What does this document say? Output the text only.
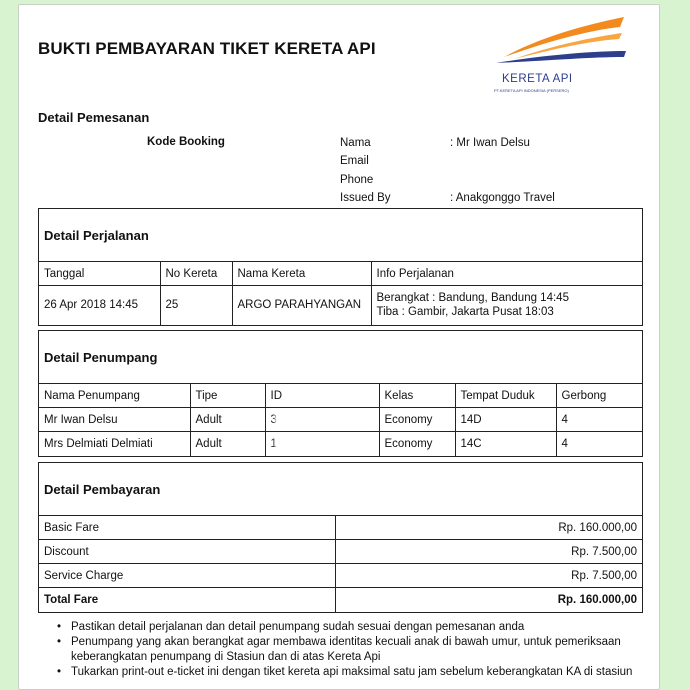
BUKTI PEMBAYARAN TIKET KERETA API
KERETA API
PT.KERETA API INDONESIA (PERSERO)
Detail Pemesanan
Kode Booking	Nama	: Mr Iwan Delsu
Email
Phone
Issued By	: Anakgonggo Travel
Detail Perjalanan
Tanggal	No Kereta	Nama Kereta	Info Perjalanan
26 Apr 2018 14:45	25	ARGO PARAHYANGAN	Berangkat : Bandung, Bandung 14:45
Tiba : Gambir, Jakarta Pusat 18:03
Detail Penumpang
Nama Penumpang	Tipe	ID	Kelas	Tempat Duduk	Gerbong
Mr Iwan Delsu	Adult	3	Economy	14D	4
Mrs Delmiati Delmiati	Adult	1	Economy	14C	4
Detail Pembayaran
Basic Fare	Rp. 160.000,00
Discount	Rp. 7.500,00
Service Charge	Rp. 7.500,00
Total Fare	Rp. 160.000,00
• Pastikan detail perjalanan dan detail penumpang sudah sesuai dengan pemesanan anda
• Penumpang yang akan berangkat agar membawa identitas kecuali anak di bawah umur, untuk pemeriksaan keberangkatan penumpang di Stasiun dan di atas Kereta Api
• Tukarkan print-out e-ticket ini dengan tiket kereta api maksimal satu jam sebelum keberangkatan KA di stasiun
